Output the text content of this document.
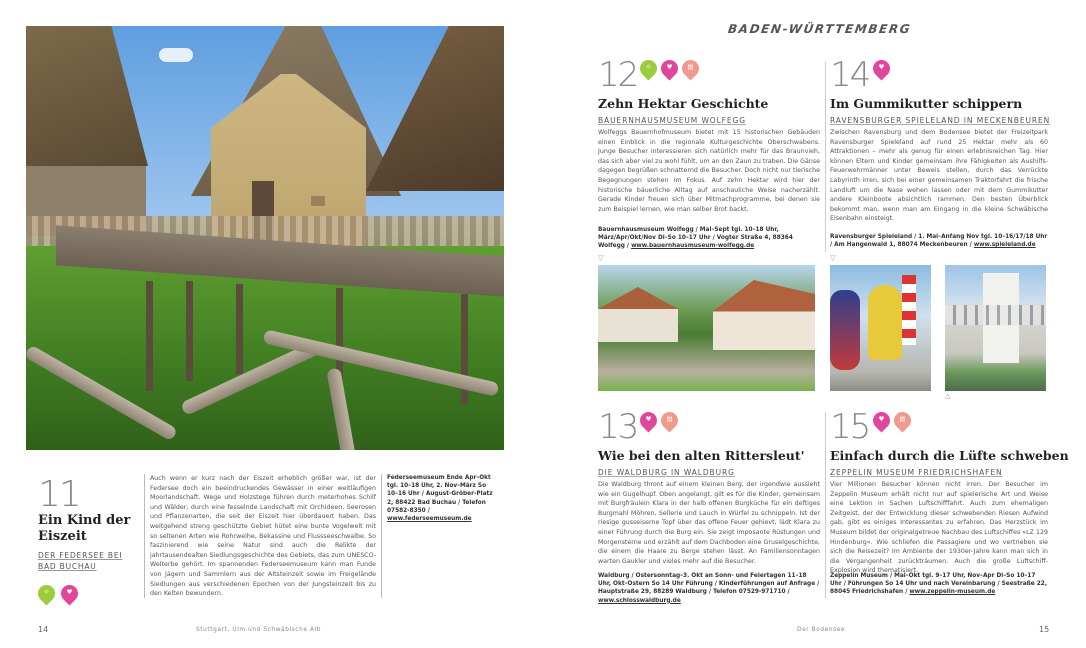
11
Ein Kind der Eiszeit
DER FEDERSEE BEI BAD BUCHAU
☼	♥
Auch wenn er kurz nach der Eiszeit erheblich größer war, ist der Federsee doch ein beeindruckendes Gewässer in einer weitläufigen Moorlandschaft. Wege und Holzstege führen durch meterhohes Schilf und Wälder, durch eine fesselnde Landschaft mit Orchideen, Seerosen und Pflanzenarten, die seit der Eiszeit hier überdauert haben. Das weitgehend streng geschützte Gebiet hütet eine bunte Vogelwelt mit so seltenen Arten wie Rohrweihe, Bekassine und Flussseeschwalbe. So faszinierend wie seine Natur sind auch die Relikte der jahrtausendealten Siedlungsgeschichte des Gebiets, das zum UNESCO-Welterbe gehört. Im spannenden Federseemuseum kann man Funde von Jägern und Sammlern aus der Altsteinzeit sowie im Freigelände Siedlungen aus verschiedenen Epochen von der Jungsteinzeit bis zu den Kelten bewundern.
Federseemuseum Ende Apr–Okt tgl. 10–18 Uhr, 2. Nov–März So 10–16 Uhr / August-Gröber-Platz 2, 88422 Bad Buchau / Telefon 07582-8350 / www.federseemuseum.de
14	Stuttgart, Ulm und Schwäbische Alb
BADEN-WÜRTTEMBERG
12	☼	♥	▤
Zehn Hektar Geschichte
BAUERNHAUSMUSEUM WOLFEGG
Wolfeggs Bauernhofmuseum bietet mit 15 historischen Gebäuden einen Einblick in die regionale Kulturgeschichte Oberschwabens. Junge Besucher interessieren sich natürlich mehr für das Braunvieh, das sich aber viel zu wohl fühlt, um an den Zaun zu traben. Die Gänse dagegen begrüßen schnatternd die Besucher. Doch nicht nur tierische Begegnungen stehen im Fokus. Auf zehn Hektar wird hier der historische bäuerliche Alltag auf anschauliche Weise nacherzählt. Gerade Kinder freuen sich über Mitmachprogramme, bei denen sie zum Beispiel lernen, wie man selber Brot backt.
Bauernhausmuseum Wolfegg / Mai–Sept tgl. 10–18 Uhr, März/Apr/Okt/Nov Di–So 10–17 Uhr / Vogter Straße 4, 88364 Wolfegg / www.bauernhausmuseum-wolfegg.de
14	♥
Im Gummikutter schippern
RAVENSBURGER SPIELELAND IN MECKENBEUREN
Zwischen Ravensburg und dem Bodensee bietet der Freizeitpark Ravensburger Spieleland auf rund 25 Hektar mehr als 60 Attraktionen – mehr als genug für einen erlebnisreichen Tag. Hier können Eltern und Kinder gemeinsam ihre Fähigkeiten als Aushilfs-Feuerwehrmänner unter Beweis stellen, durch das Verrückte Labyrinth irren, sich bei einer gemeinsamen Traktorfahrt die frische Landluft um die Nase wehen lassen oder mit dem Gummikutter andere Kleinboote absichtlich rammen. Den besten Überblick bekommt man, wenn man am Eingang in die kleine Schwäbische Eisenbahn einsteigt.
Ravensburger Spieleland / 1. Mai–Anfang Nov tgl. 10–16/17/18 Uhr / Am Hangenwald 1, 88074 Meckenbeuren / www.spieleland.de
▽	▽
△
13	♥	▤
Wie bei den alten Rittersleut'
DIE WALDBURG IN WALDBURG
Die Waldburg thront auf einem kleinen Berg, der irgendwie aussieht wie ein Gugelhupf. Oben angelangt, gilt es für die Kinder, gemeinsam mit Burgfräulein Klara in der halb offenen Burgküche für ein deftiges Burgmahl Möhren, Sellerie und Lauch in Würfel zu schnippeln. Ist der riesige gusseiserne Topf über das offene Feuer gehievt, lädt Klara zu einer Führung durch die Burg ein. Sie zeigt imposante Rüstungen und Morgensterne und erzählt auf dem Dachboden eine Gruselgeschichte, die einem die Haare zu Berge stehen lässt. An Familiensonntagen warten Gaukler und vieles mehr auf die Besucher.
Waldburg / Ostersonntag–3. Okt an Sonn- und Feiertagen 11–18 Uhr, Okt–Ostern So 14 Uhr Führung / Kinderführungen auf Anfrage / Hauptstraße 29, 88289 Waldburg / Telefon 07529-971710 / www.schlosswaldburg.de
15	♥	▤
Einfach durch die Lüfte schweben
ZEPPELIN MUSEUM FRIEDRICHSHAFEN
Vier Millionen Besucher können nicht irren. Der Besucher im Zeppelin Museum erhält nicht nur auf spielerische Art und Weise eine Lektion in Sachen Luftschifffahrt. Auch zum ehemaligen Zeitgeist, der der Entwicklung dieser schwebenden Riesen Aufwind gab, gibt es einiges Interessantes zu erfahren. Das Herzstück im Museum bildet der originalgetreue Nachbau des Luftschiffes »LZ 129 Hindenburg«. Wie schliefen die Passagiere und wo vertrieben sie sich die Reisezeit? Im Ambiente der 1930er-Jahre kann man sich in die Vergangenheit zurückträumen. Auch die große Luftschiff-Explosion wird thematisiert.
Zeppelin Museum / Mai–Okt tgl. 9–17 Uhr, Nov–Apr Di–So 10–17 Uhr / Führungen So 14 Uhr und nach Vereinbarung / Seestraße 22, 88045 Friedrichshafen / www.zeppelin-museum.de
Der Bodensee	15
